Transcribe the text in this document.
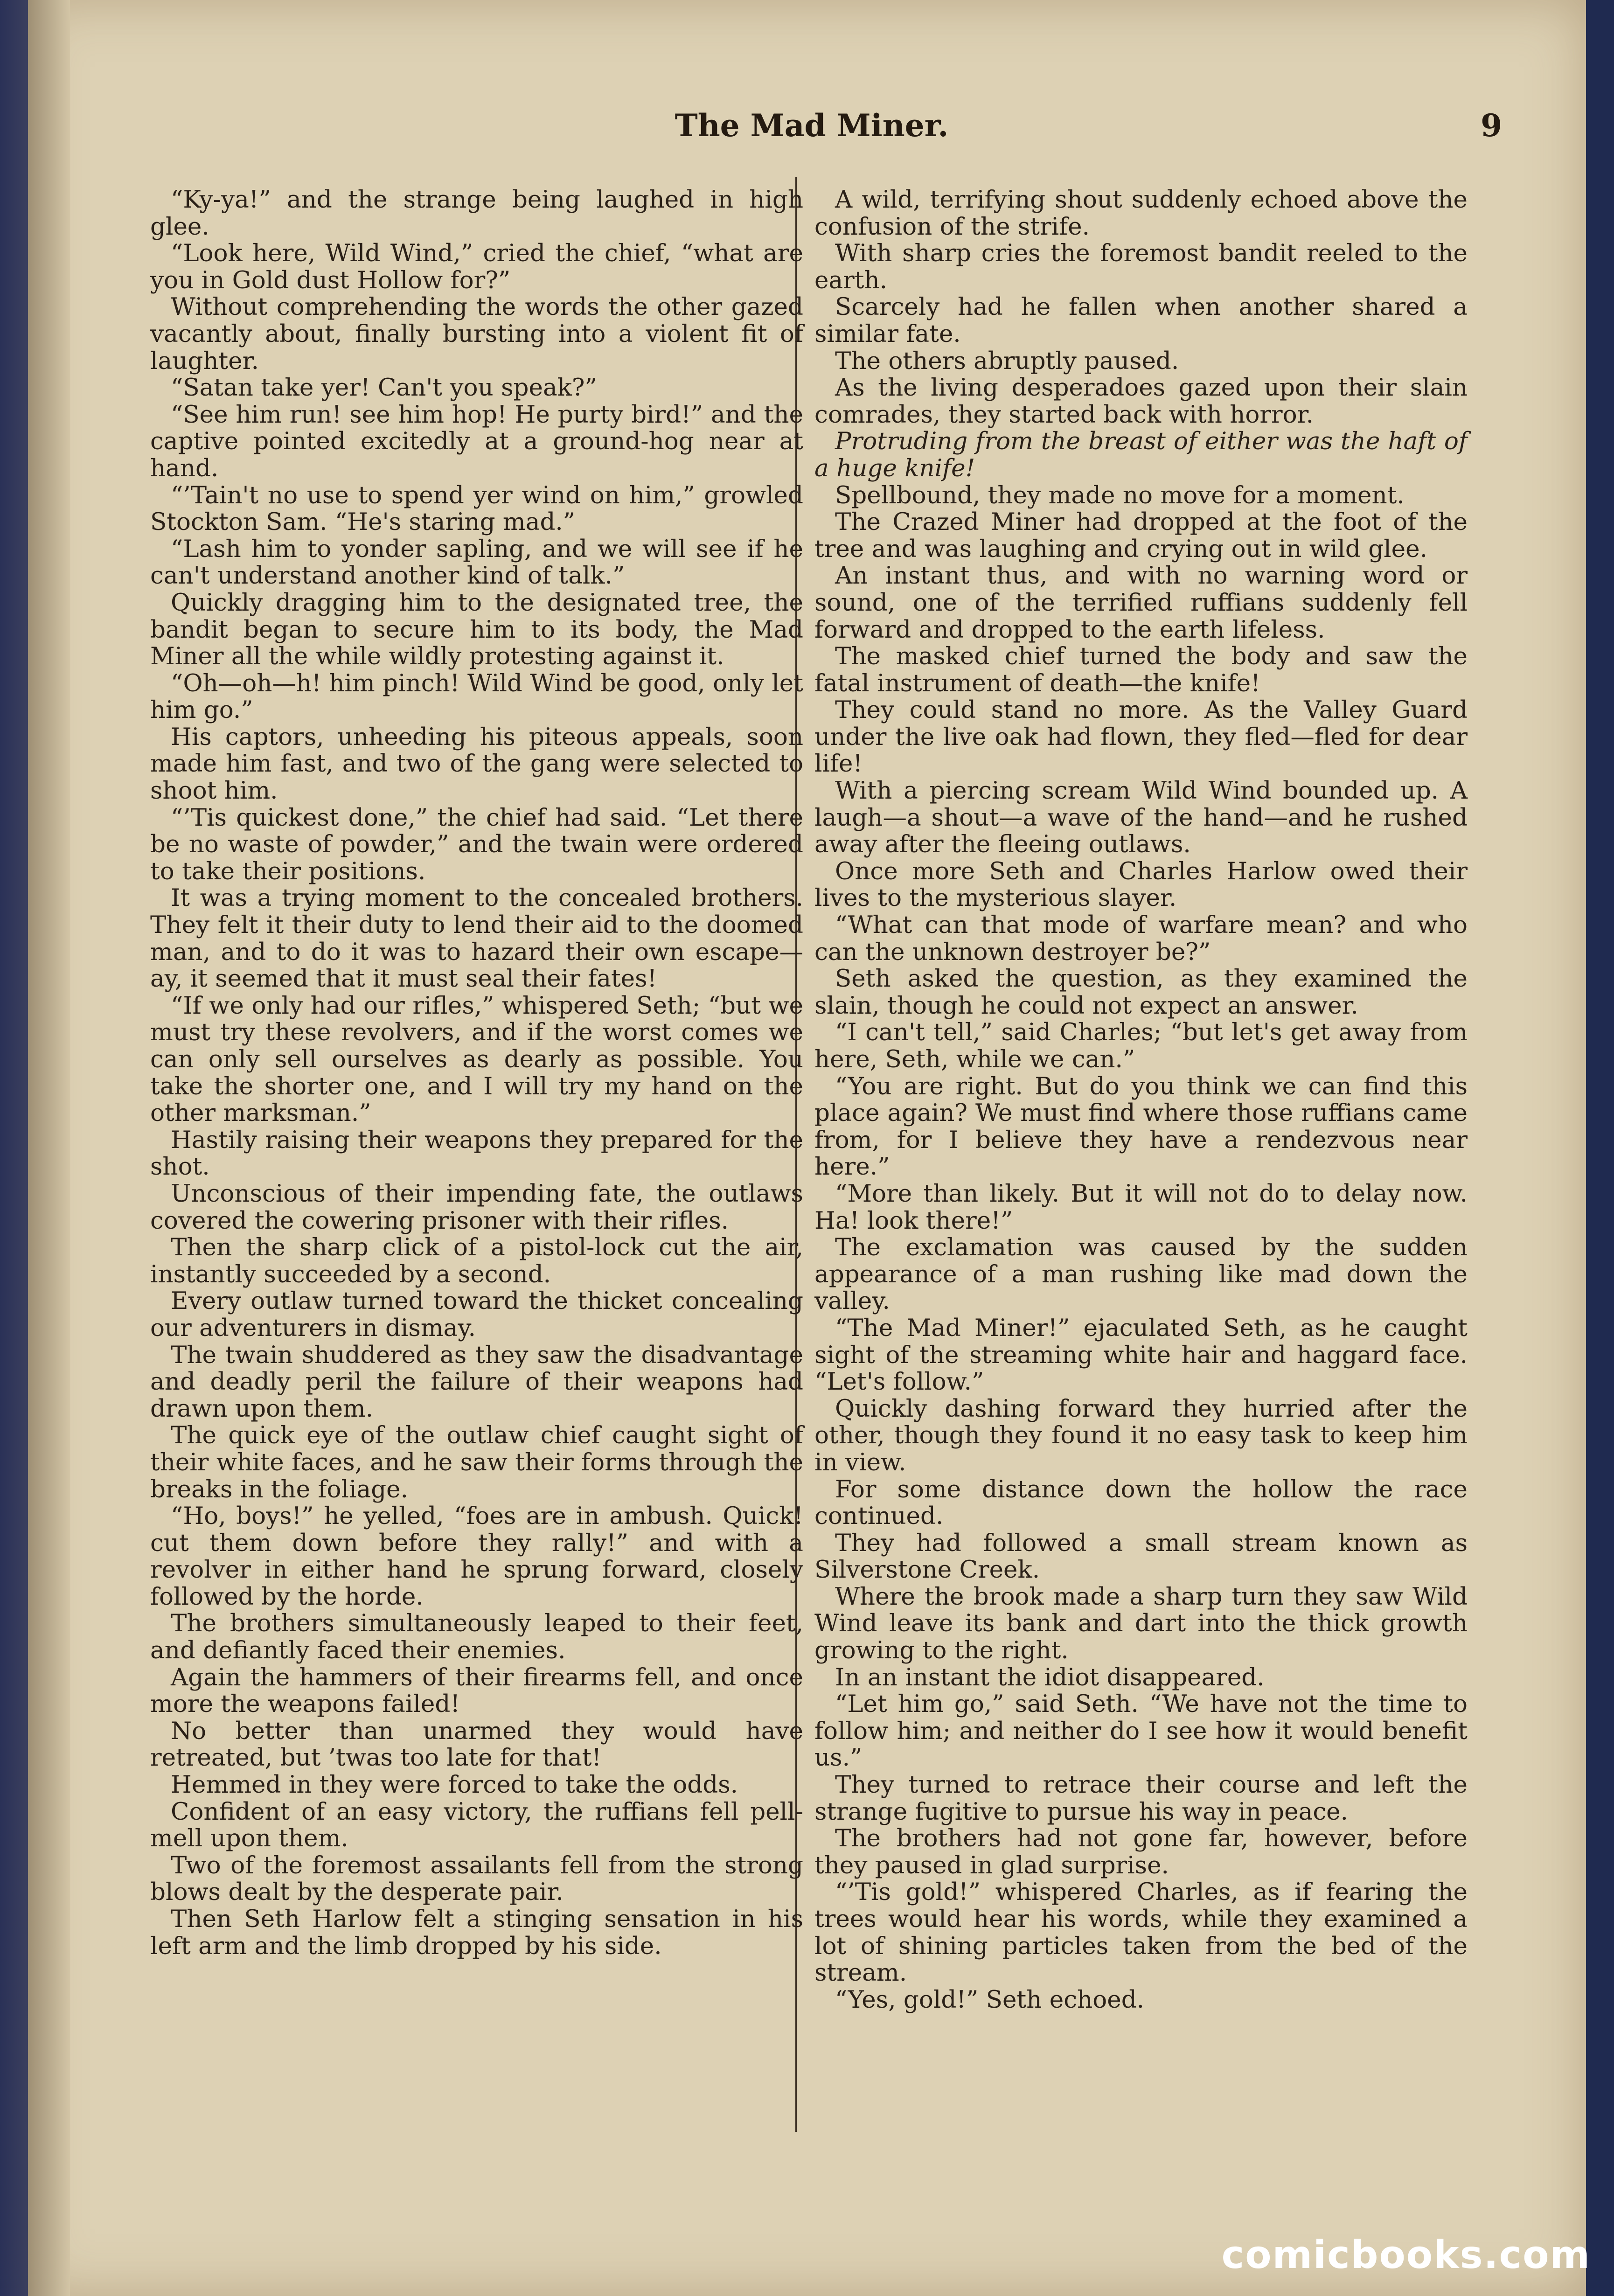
The Mad Miner.	9

“Ky-ya!” and the strange being laughed in high glee.

“Look here, Wild Wind,” cried the chief, “what are you in Gold dust Hollow for?”

Without comprehending the words the other gazed vacantly about, finally bursting into a violent fit of laughter.

“Satan take yer! Can't you speak?”

“See him run! see him hop! He purty bird!” and the captive pointed excitedly at a ground-hog near at hand.

“’Tain't no use to spend yer wind on him,” growled Stockton Sam. “He's staring mad.”

“Lash him to yonder sapling, and we will see if he can't understand another kind of talk.”

Quickly dragging him to the designated tree, the bandit began to secure him to its body, the Mad Miner all the while wildly protesting against it.

“Oh—oh—h! him pinch! Wild Wind be good, only let him go.”

His captors, unheeding his piteous appeals, soon made him fast, and two of the gang were selected to shoot him.

“’Tis quickest done,” the chief had said. “Let there be no waste of powder,” and the twain were ordered to take their positions.

It was a trying moment to the concealed brothers. They felt it their duty to lend their aid to the doomed man, and to do it was to hazard their own escape—ay, it seemed that it must seal their fates!

“If we only had our rifles,” whispered Seth; “but we must try these revolvers, and if the worst comes we can only sell ourselves as dearly as possible. You take the shorter one, and I will try my hand on the other marksman.”

Hastily raising their weapons they prepared for the shot.

Unconscious of their impending fate, the outlaws covered the cowering prisoner with their rifles.

Then the sharp click of a pistol-lock cut the air, instantly succeeded by a second.

Every outlaw turned toward the thicket concealing our adventurers in dismay.

The twain shuddered as they saw the disadvantage and deadly peril the failure of their weapons had drawn upon them.

The quick eye of the outlaw chief caught sight of their white faces, and he saw their forms through the breaks in the foliage.

“Ho, boys!” he yelled, “foes are in ambush. Quick! cut them down before they rally!” and with a revolver in either hand he sprung forward, closely followed by the horde.

The brothers simultaneously leaped to their feet, and defiantly faced their enemies.

Again the hammers of their firearms fell, and once more the weapons failed!

No better than unarmed they would have retreated, but ’twas too late for that!

Hemmed in they were forced to take the odds.

Confident of an easy victory, the ruffians fell pell-mell upon them.

Two of the foremost assailants fell from the strong blows dealt by the desperate pair.

Then Seth Harlow felt a stinging sensation in his left arm and the limb dropped by his side.

A wild, terrifying shout suddenly echoed above the confusion of the strife.

With sharp cries the foremost bandit reeled to the earth.

Scarcely had he fallen when another shared a similar fate.

The others abruptly paused.

As the living desperadoes gazed upon their slain comrades, they started back with horror.

Protruding from the breast of either was the haft of a huge knife!

Spellbound, they made no move for a moment.

The Crazed Miner had dropped at the foot of the tree and was laughing and crying out in wild glee.

An instant thus, and with no warning word or sound, one of the terrified ruffians suddenly fell forward and dropped to the earth lifeless.

The masked chief turned the body and saw the fatal instrument of death—the knife!

They could stand no more. As the Valley Guard under the live oak had flown, they fled—fled for dear life!

With a piercing scream Wild Wind bounded up. A laugh—a shout—a wave of the hand—and he rushed away after the fleeing outlaws.

Once more Seth and Charles Harlow owed their lives to the mysterious slayer.

“What can that mode of warfare mean? and who can the unknown destroyer be?”

Seth asked the question, as they examined the slain, though he could not expect an answer.

“I can't tell,” said Charles; “but let's get away from here, Seth, while we can.”

“You are right. But do you think we can find this place again? We must find where those ruffians came from, for I believe they have a rendezvous near here.”

“More than likely. But it will not do to delay now. Ha! look there!”

The exclamation was caused by the sudden appearance of a man rushing like mad down the valley.

“The Mad Miner!” ejaculated Seth, as he caught sight of the streaming white hair and haggard face. “Let's follow.”

Quickly dashing forward they hurried after the other, though they found it no easy task to keep him in view.

For some distance down the hollow the race continued.

They had followed a small stream known as Silverstone Creek.

Where the brook made a sharp turn they saw Wild Wind leave its bank and dart into the thick growth growing to the right.

In an instant the idiot disappeared.

“Let him go,” said Seth. “We have not the time to follow him; and neither do I see how it would benefit us.”

They turned to retrace their course and left the strange fugitive to pursue his way in peace.

The brothers had not gone far, however, before they paused in glad surprise.

“’Tis gold!” whispered Charles, as if fearing the trees would hear his words, while they examined a lot of shining particles taken from the bed of the stream.

“Yes, gold!” Seth echoed.

comicbooks.com
